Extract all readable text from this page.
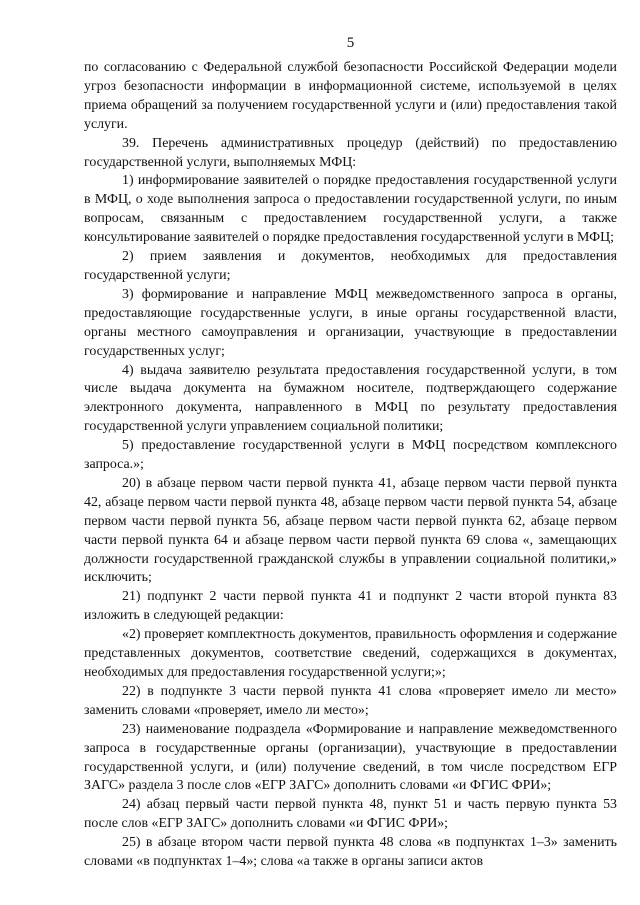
5

по согласованию с Федеральной службой безопасности Российской Федерации модели угроз безопасности информации в информационной системе, используемой в целях приема обращений за получением государственной услуги и (или) предоставления такой услуги.

39. Перечень административных процедур (действий) по предоставлению государственной услуги, выполняемых МФЦ:

1) информирование заявителей о порядке предоставления государственной услуги в МФЦ, о ходе выполнения запроса о предоставлении государственной услуги, по иным вопросам, связанным с предоставлением государственной услуги, а также консультирование заявителей о порядке предоставления государственной услуги в МФЦ;

2) прием заявления и документов, необходимых для предоставления государственной услуги;

3) формирование и направление МФЦ межведомственного запроса в органы, предоставляющие государственные услуги, в иные органы государственной власти, органы местного самоуправления и организации, участвующие в предоставлении государственных услуг;

4) выдача заявителю результата предоставления государственной услуги, в том числе выдача документа на бумажном носителе, подтверждающего содержание электронного документа, направленного в МФЦ по результату предоставления государственной услуги управлением социальной политики;

5) предоставление государственной услуги в МФЦ посредством комплексного запроса.»;

20) в абзаце первом части первой пункта 41, абзаце первом части первой пункта 42, абзаце первом части первой пункта 48, абзаце первом части первой пункта 54, абзаце первом части первой пункта 56, абзаце первом части первой пункта 62, абзаце первом части первой пункта 64 и абзаце первом части первой пункта 69 слова «, замещающих должности государственной гражданской службы в управлении социальной политики,» исключить;

21) подпункт 2 части первой пункта 41 и подпункт 2 части второй пункта 83 изложить в следующей редакции:

«2) проверяет комплектность документов, правильность оформления и содержание представленных документов, соответствие сведений, содержащихся в документах, необходимых для предоставления государственной услуги;»;

22) в подпункте 3 части первой пункта 41 слова «проверяет имело ли место» заменить словами «проверяет, имело ли место»;

23) наименование подраздела «Формирование и направление межведомственного запроса в государственные органы (организации), участвующие в предоставлении государственной услуги, и (или) получение сведений, в том числе посредством ЕГР ЗАГС» раздела 3 после слов «ЕГР ЗАГС» дополнить словами «и ФГИС ФРИ»;

24) абзац первый части первой пункта 48, пункт 51 и часть первую пункта 53 после слов «ЕГР ЗАГС» дополнить словами «и ФГИС ФРИ»;

25) в абзаце втором части первой пункта 48 слова «в подпунктах 1–3» заменить словами «в подпунктах 1–4»; слова «а также в органы записи актов
